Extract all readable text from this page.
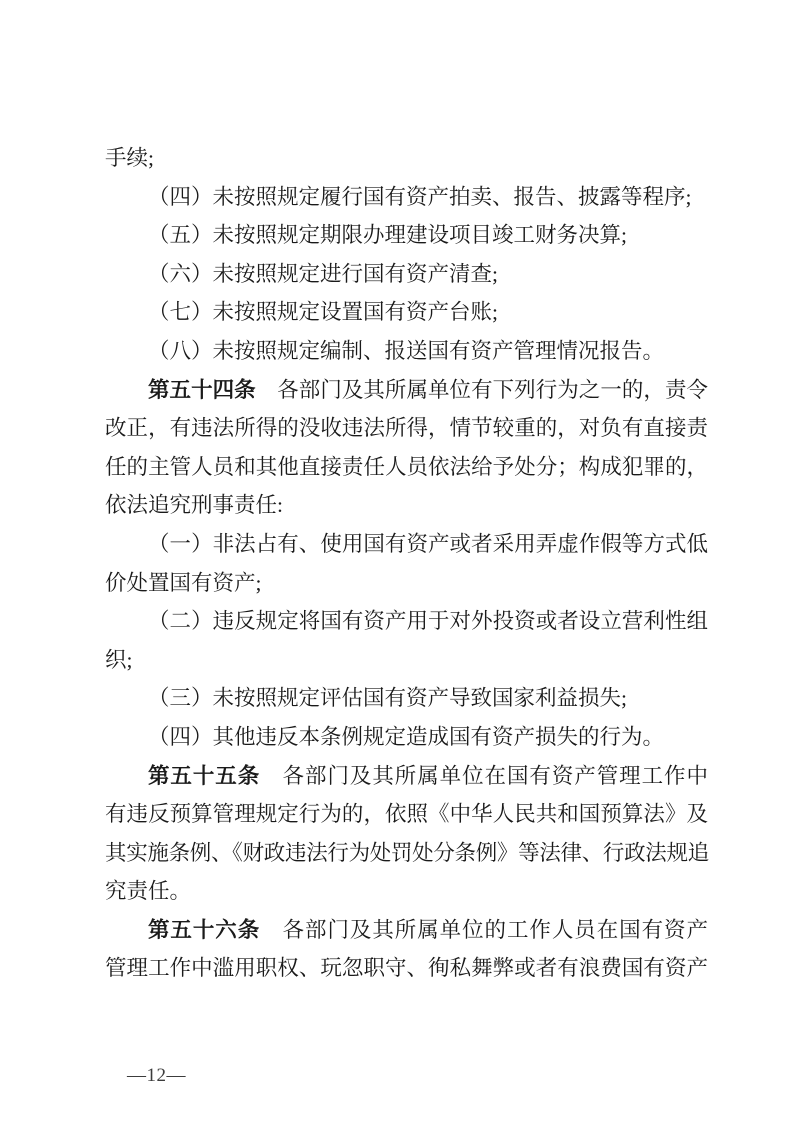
手续;
（四）未按照规定履行国有资产拍卖、报告、披露等程序;
（五）未按照规定期限办理建设项目竣工财务决算;
（六）未按照规定进行国有资产清查;
（七）未按照规定设置国有资产台账;
（八）未按照规定编制、报送国有资产管理情况报告。
第五十四条　各部门及其所属单位有下列行为之一的，责令
改正，有违法所得的没收违法所得，情节较重的，对负有直接责
任的主管人员和其他直接责任人员依法给予处分；构成犯罪的，
依法追究刑事责任:
（一）非法占有、使用国有资产或者采用弄虚作假等方式低
价处置国有资产;
（二）违反规定将国有资产用于对外投资或者设立营利性组
织;
（三）未按照规定评估国有资产导致国家利益损失;
（四）其他违反本条例规定造成国有资产损失的行为。
第五十五条　各部门及其所属单位在国有资产管理工作中
有违反预算管理规定行为的，依照《中华人民共和国预算法》及
其实施条例、《财政违法行为处罚处分条例》等法律、行政法规追
究责任。
第五十六条　各部门及其所属单位的工作人员在国有资产
管理工作中滥用职权、玩忽职守、徇私舞弊或者有浪费国有资产
—12—
